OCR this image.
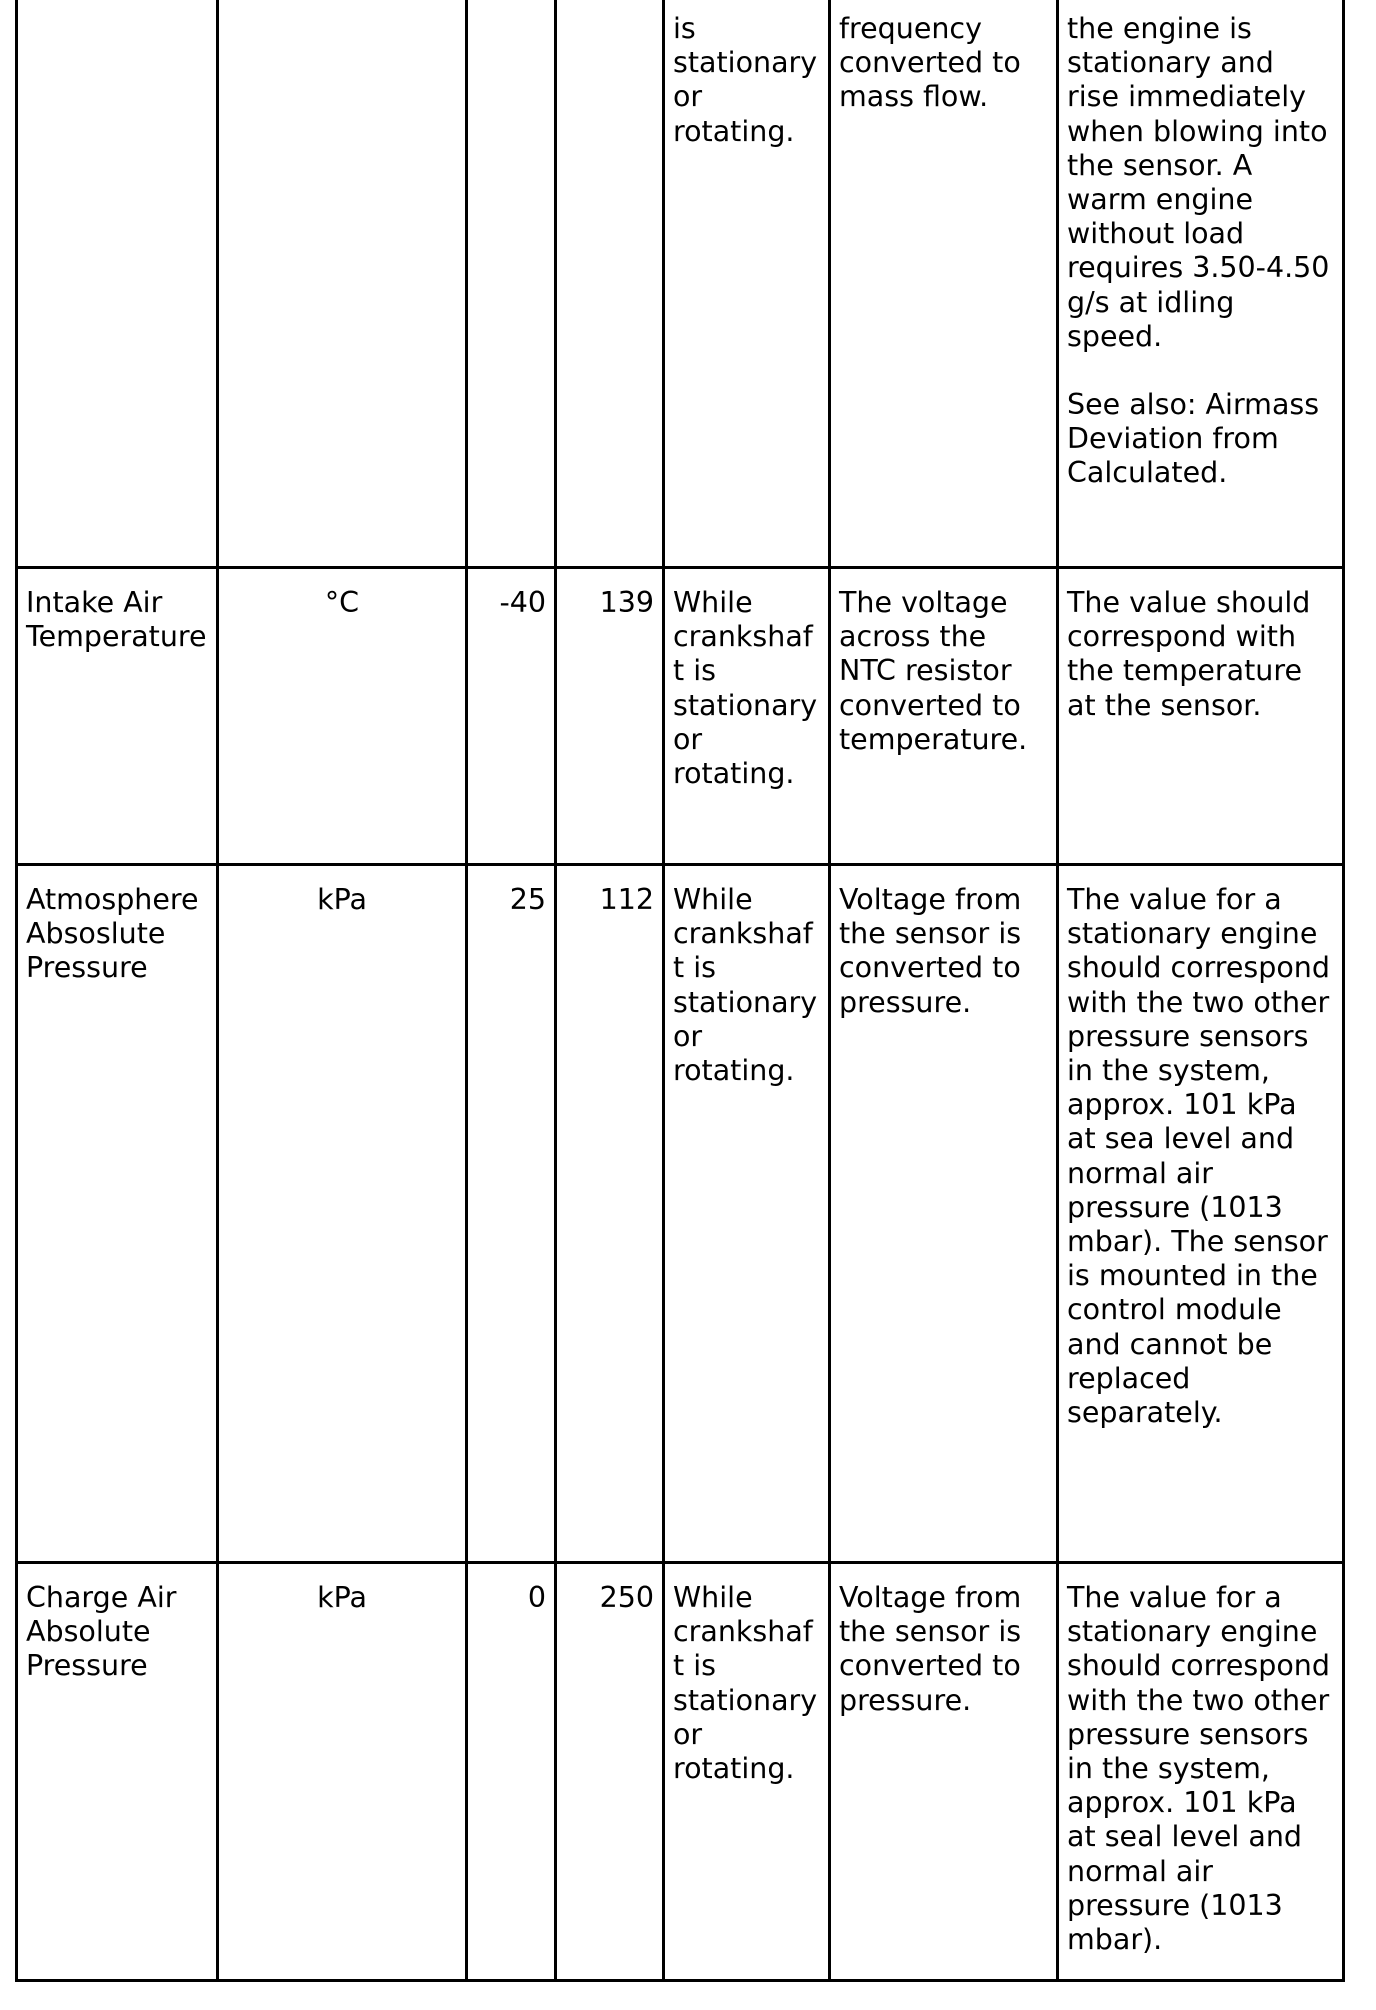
				is stationary or rotating.	frequency converted to mass flow.	the engine is stationary and rise immediately when blowing into the sensor. A warm engine without load requires 3.50-4.50 g/s at idling speed.

See also: Airmass Deviation from Calculated.

Intake Air Temperature	°C	-40	139	While crankshaft is stationary or rotating.	The voltage across the NTC resistor converted to temperature.	The value should correspond with the temperature at the sensor.
Atmosphere Absoslute Pressure	kPa	25	112	While crankshaft is stationary or rotating.	Voltage from the sensor is converted to pressure.	The value for a stationary engine should correspond with the two other pressure sensors in the system, approx. 101 kPa at sea level and normal air pressure (1013 mbar). The sensor is mounted in the control module and cannot be replaced separately.
Charge Air Absolute Pressure	kPa	0	250	While crankshaft is stationary or rotating.	Voltage from the sensor is converted to pressure.	The value for a stationary engine should correspond with the two other pressure sensors in the system, approx. 101 kPa at seal level and normal air pressure (1013 mbar).
